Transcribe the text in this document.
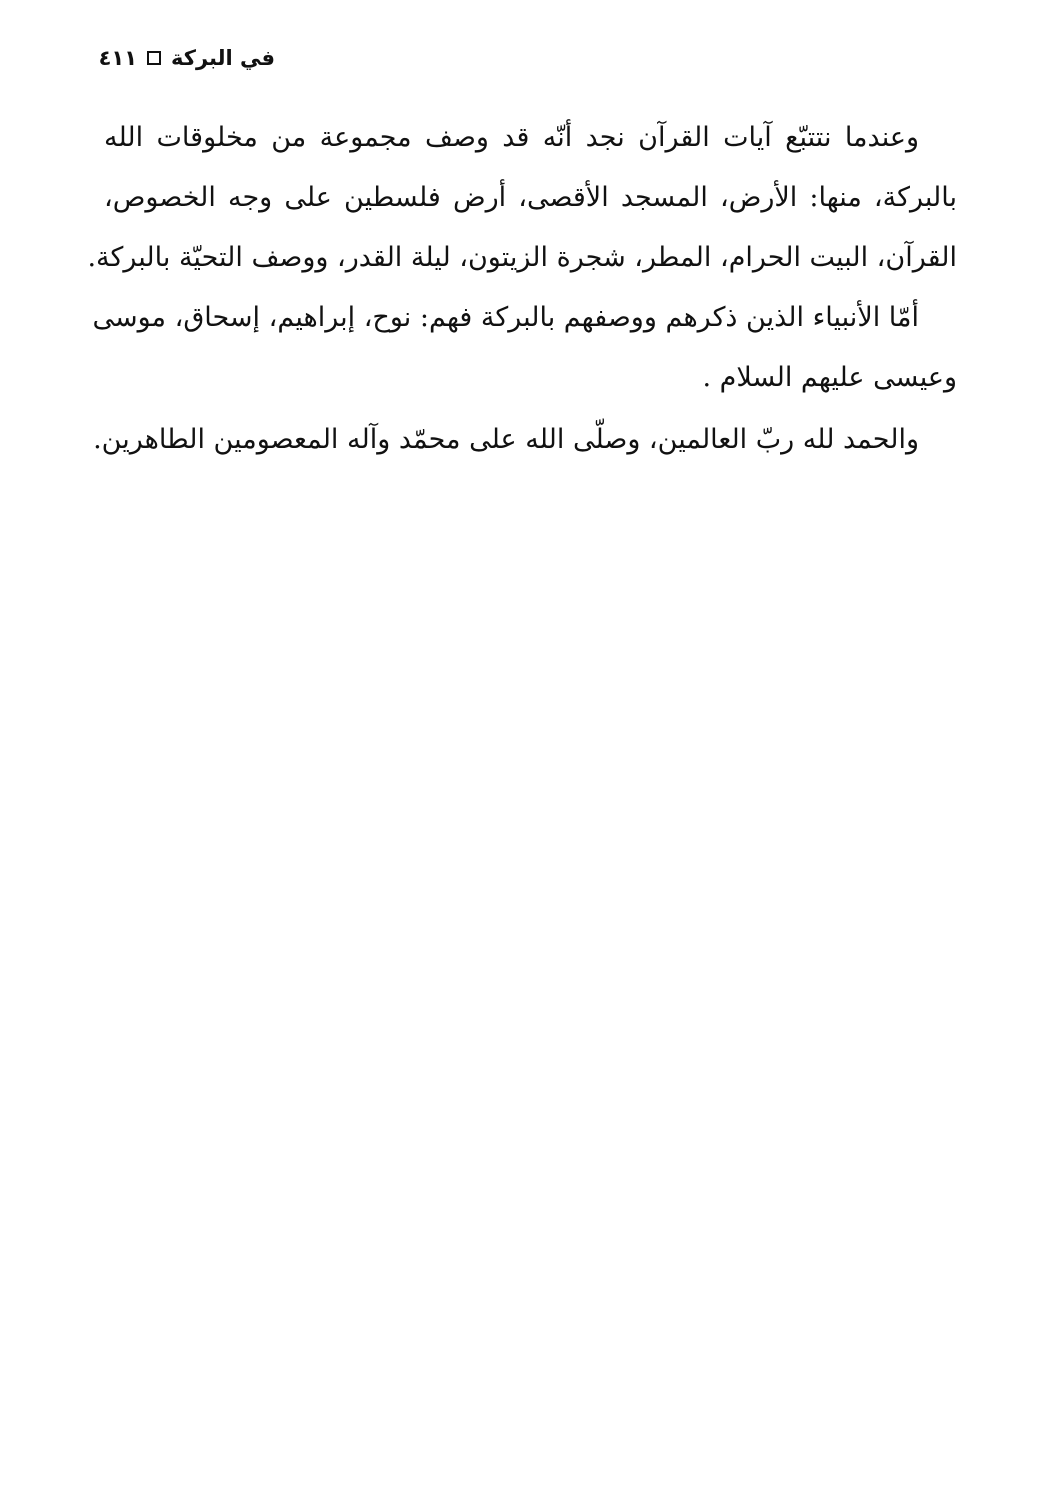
في البركة
٤١١
وعندما نتتبّع آيات القرآن نجد أنّه قد وصف مجموعة من مخلوقات الله
بالبركة، منها: الأرض، المسجد الأقصى، أرض فلسطين على وجه الخصوص،
القرآن، البيت الحرام، المطر، شجرة الزيتون، ليلة القدر، ووصف التحيّة بالبركة.
أمّا الأنبياء الذين ذكرهم ووصفهم بالبركة فهم: نوح، إبراهيم، إسحاق، موسى
وعيسى عليهم السلام .
والحمد لله ربّ العالمين، وصلّى الله على محمّد وآله المعصومين الطاهرين.
